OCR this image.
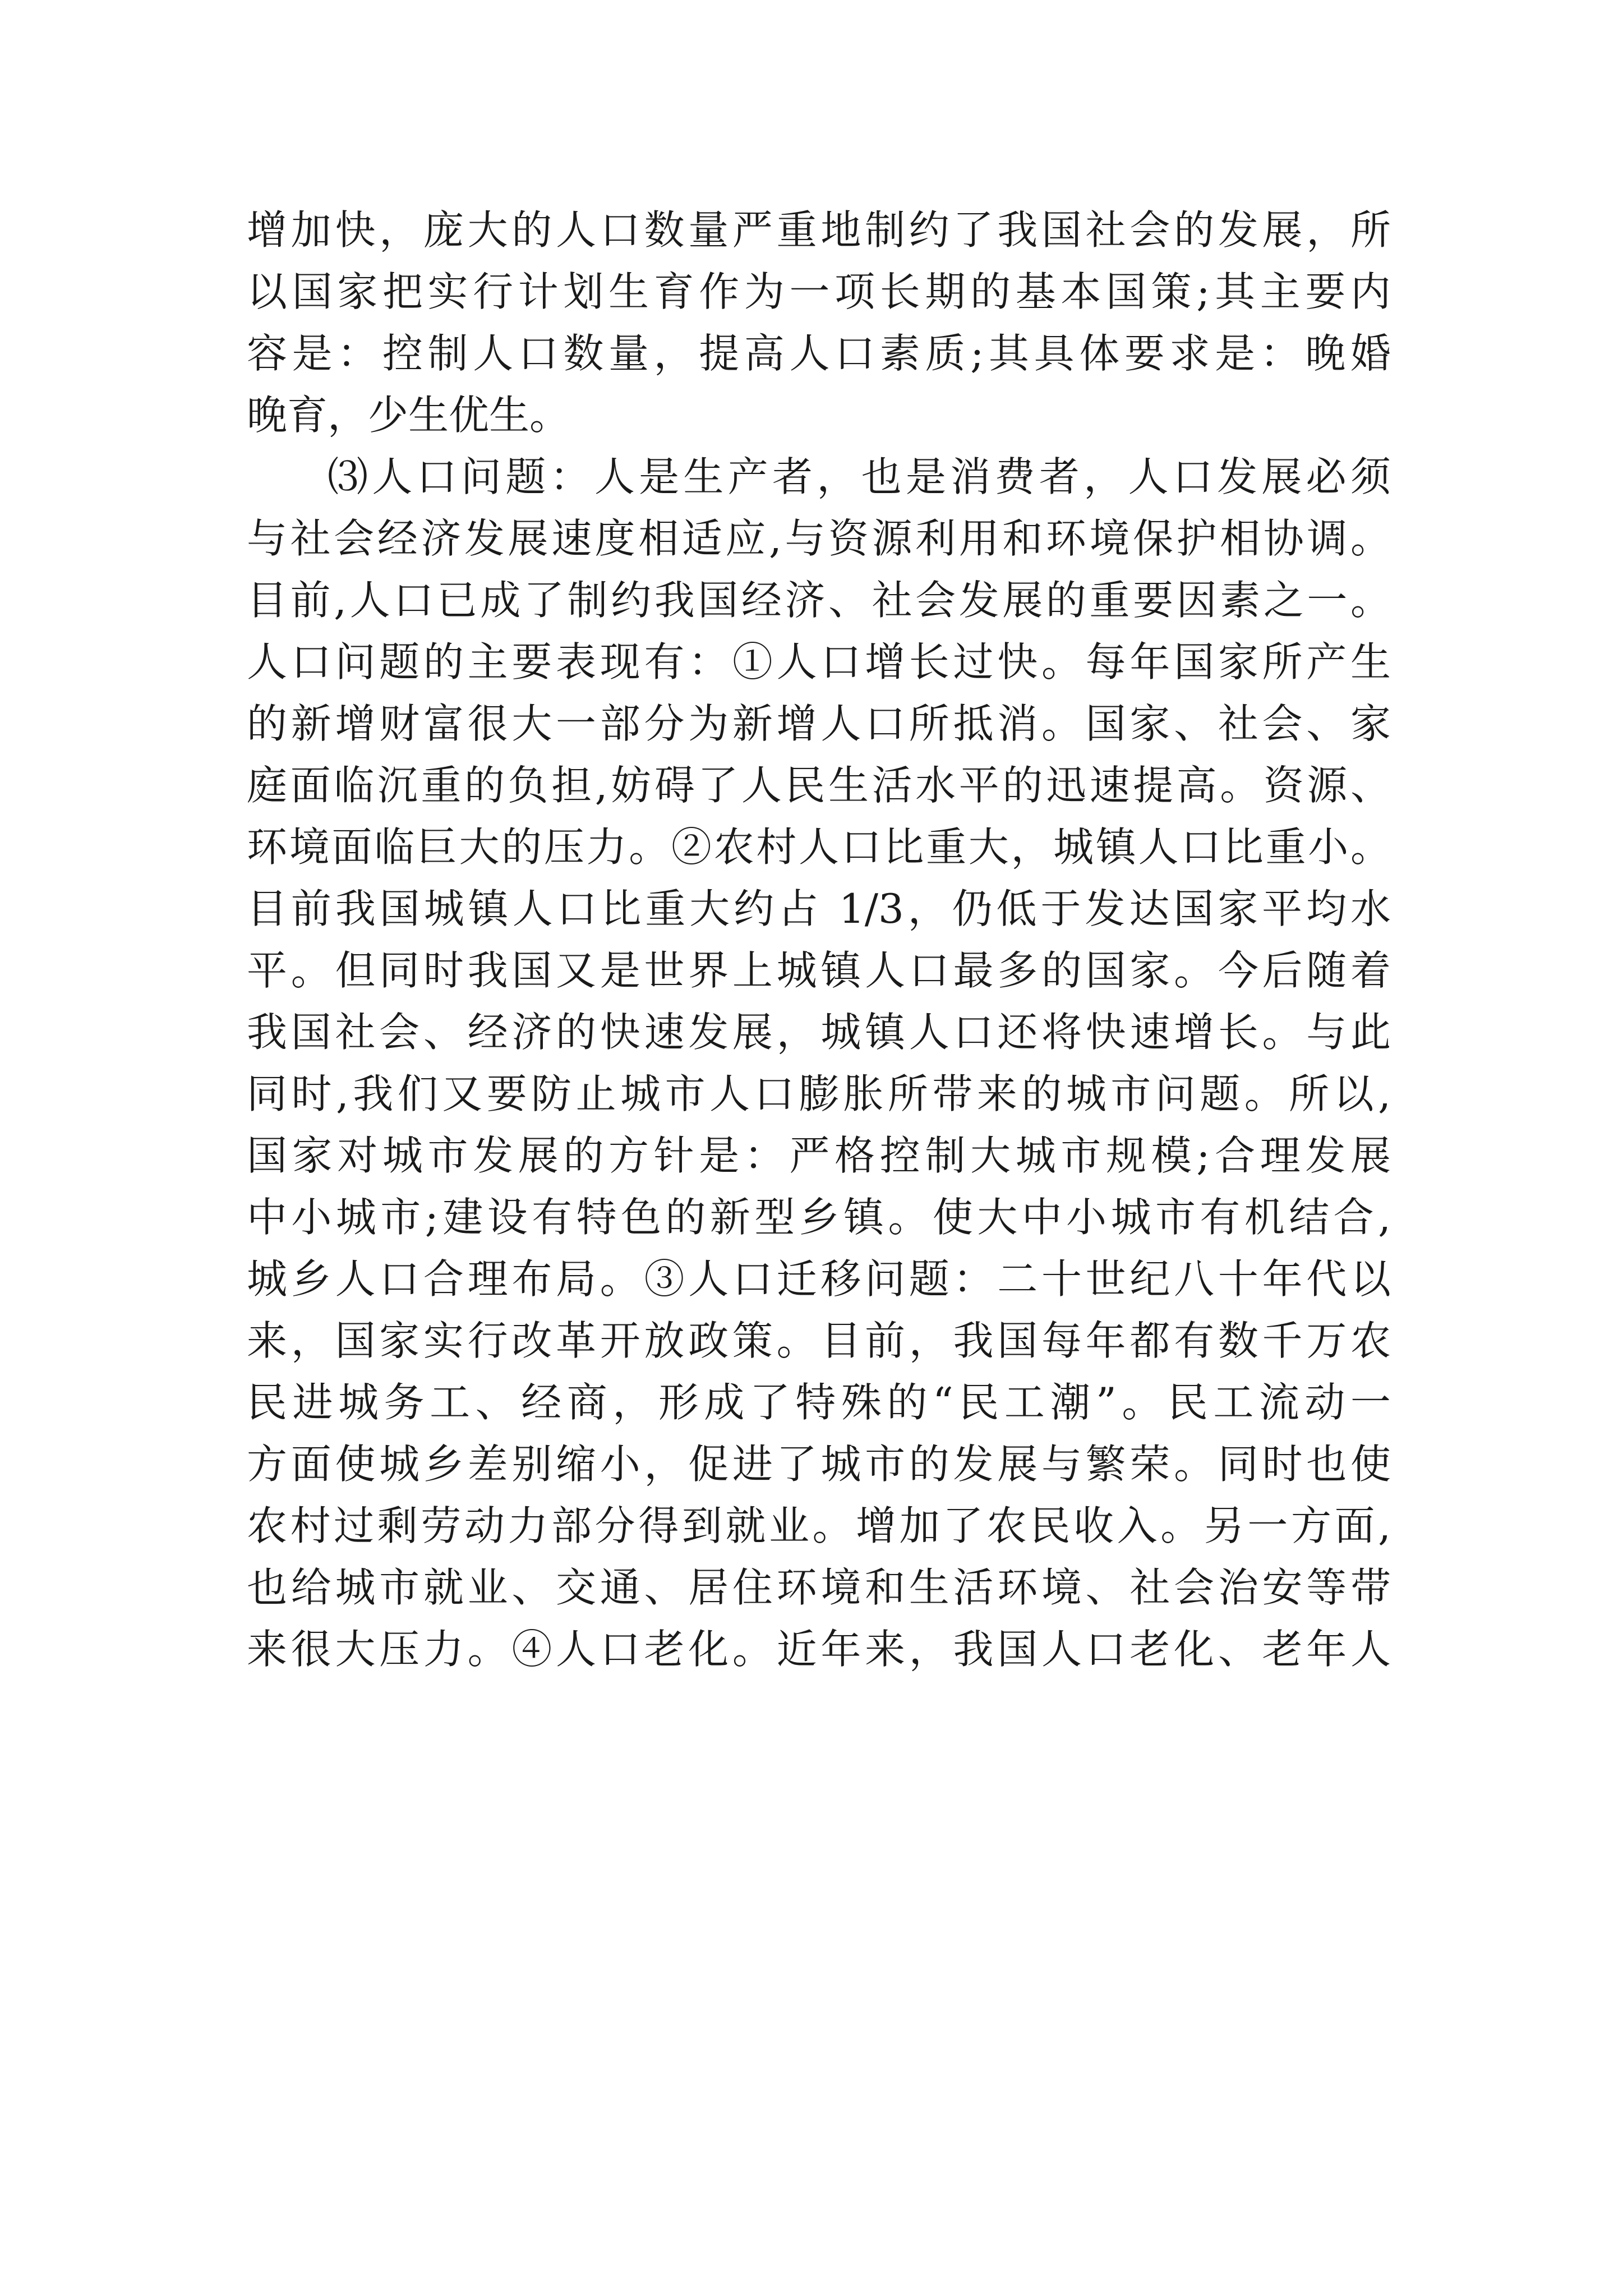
增加快，庞大的人口数量严重地制约了我国社会的发展，所
以国家把实行计划生育作为一项长期的基本国策;其主要内
容是：控制人口数量，提高人口素质;其具体要求是：晚婚
晚育，少生优生。
⑶人口问题：人是生产者，也是消费者，人口发展必须
与社会经济发展速度相适应,与资源利用和环境保护相协调。
目前,人口已成了制约我国经济、社会发展的重要因素之一。
人口问题的主要表现有：①人口增长过快。每年国家所产生
的新增财富很大一部分为新增人口所抵消。国家、社会、家
庭面临沉重的负担,妨碍了人民生活水平的迅速提高。资源、
环境面临巨大的压力。②农村人口比重大，城镇人口比重小。
目前我国城镇人口比重大约占 1/3，仍低于发达国家平均水
平。但同时我国又是世界上城镇人口最多的国家。今后随着
我国社会、经济的快速发展，城镇人口还将快速增长。与此
同时,我们又要防止城市人口膨胀所带来的城市问题。所以,
国家对城市发展的方针是：严格控制大城市规模;合理发展
中小城市;建设有特色的新型乡镇。使大中小城市有机结合,
城乡人口合理布局。③人口迁移问题：二十世纪八十年代以
来，国家实行改革开放政策。目前，我国每年都有数千万农
民进城务工、经商，形成了特殊的“民工潮”。民工流动一
方面使城乡差别缩小，促进了城市的发展与繁荣。同时也使
农村过剩劳动力部分得到就业。增加了农民收入。另一方面,
也给城市就业、交通、居住环境和生活环境、社会治安等带
来很大压力。④人口老化。近年来，我国人口老化、老年人
